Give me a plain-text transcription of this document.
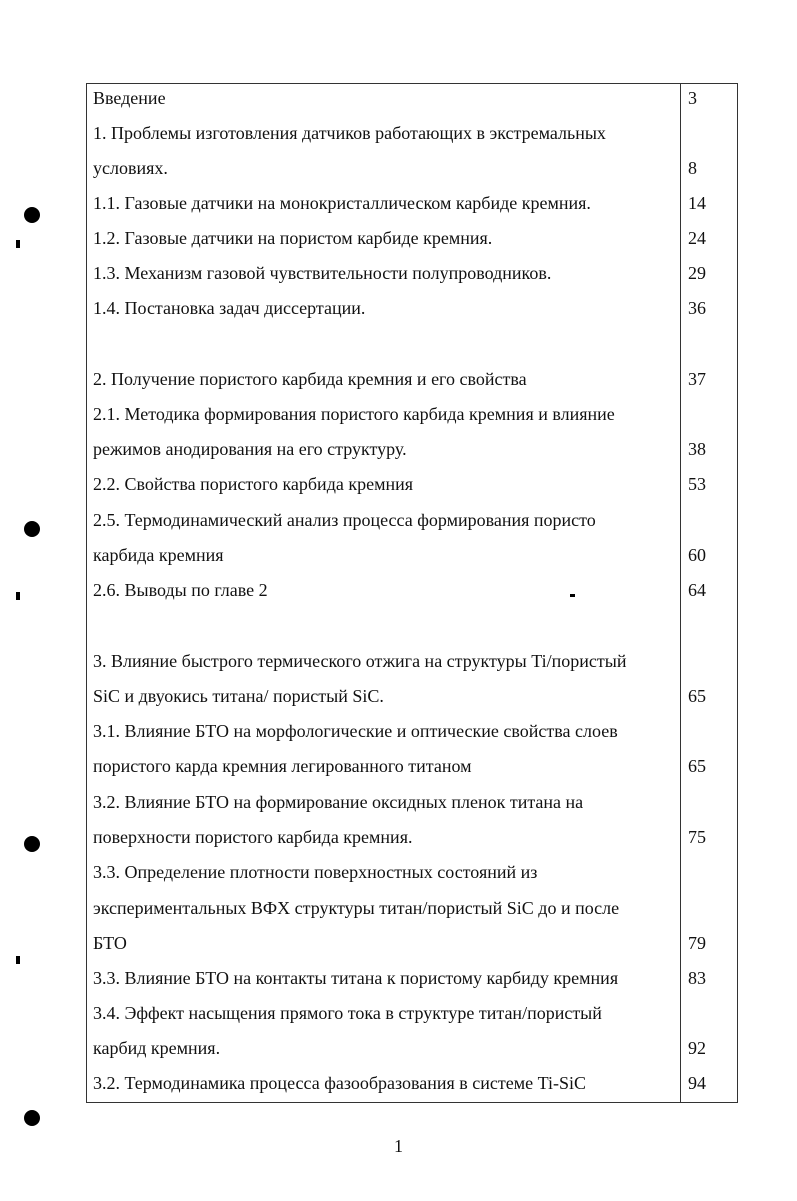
Введение	3
1. Проблемы изготовления датчиков работающих в экстремальных
условиях.	8
1.1. Газовые датчики на монокристаллическом карбиде кремния.	14
1.2. Газовые датчики на пористом карбиде кремния.	24
1.3. Механизм газовой чувствительности полупроводников.	29
1.4. Постановка задач диссертации.	36
2. Получение пористого карбида кремния и его свойства	37
2.1. Методика формирования пористого карбида кремния и влияние
режимов анодирования на его структуру.	38
2.2. Свойства пористого карбида кремния	53
2.5. Термодинамический анализ процесса формирования пористо
карбида кремния	60
2.6. Выводы по главе 2	64
3. Влияние быстрого термического отжига на структуры Ti/пористый
SiC и двуокись титана/ пористый SiC.	65
3.1. Влияние БТО на морфологические и оптические свойства слоев
пористого карда кремния легированного титаном	65
3.2. Влияние БТО на формирование оксидных пленок титана на
поверхности пористого карбида кремния.	75
3.3. Определение плотности поверхностных состояний из
экспериментальных ВФХ структуры титан/пористый SiC до и после
БТО	79
3.3. Влияние БТО на контакты титана к пористому карбиду кремния	83
3.4. Эффект насыщения прямого тока в структуре титан/пористый
карбид кремния.	92
3.2. Термодинамика процесса фазообразования в системе Ti-SiC	94
1
